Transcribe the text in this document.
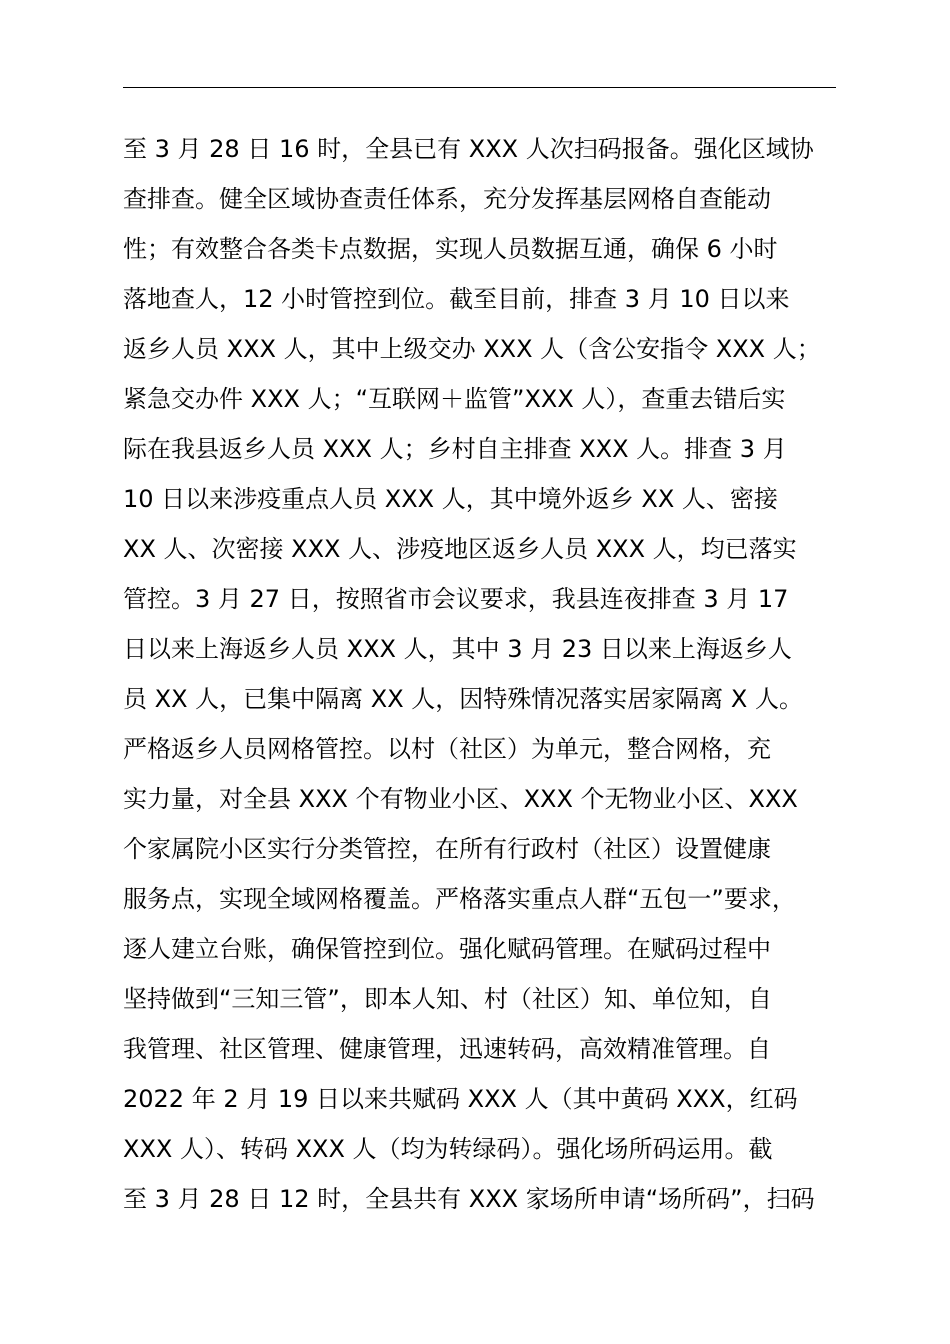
至 3 月 28 日 16 时，全县已有 XXX 人次扫码报备。强化区域协
查排查。健全区域协查责任体系，充分发挥基层网格自查能动
性；有效整合各类卡点数据，实现人员数据互通，确保 6 小时
落地查人，12 小时管控到位。截至目前，排查 3 月 10 日以来
返乡人员 XXX 人，其中上级交办 XXX 人（含公安指令 XXX 人；
紧急交办件 XXX 人；“互联网＋监管”XXX 人），查重去错后实
际在我县返乡人员 XXX 人；乡村自主排查 XXX 人。排查 3 月
10 日以来涉疫重点人员 XXX 人，其中境外返乡 XX 人、密接
XX 人、次密接 XXX 人、涉疫地区返乡人员 XXX 人，均已落实
管控。3 月 27 日，按照省市会议要求，我县连夜排查 3 月 17
日以来上海返乡人员 XXX 人，其中 3 月 23 日以来上海返乡人
员 XX 人，已集中隔离 XX 人，因特殊情况落实居家隔离 X 人。
严格返乡人员网格管控。以村（社区）为单元，整合网格，充
实力量，对全县 XXX 个有物业小区、XXX 个无物业小区、XXX
个家属院小区实行分类管控，在所有行政村（社区）设置健康
服务点，实现全域网格覆盖。严格落实重点人群“五包一”要求，
逐人建立台账，确保管控到位。强化赋码管理。在赋码过程中
坚持做到“三知三管”，即本人知、村（社区）知、单位知，自
我管理、社区管理、健康管理，迅速转码，高效精准管理。自
2022 年 2 月 19 日以来共赋码 XXX 人（其中黄码 XXX，红码
XXX 人）、转码 XXX 人（均为转绿码）。强化场所码运用。截
至 3 月 28 日 12 时，全县共有 XXX 家场所申请“场所码”，扫码
